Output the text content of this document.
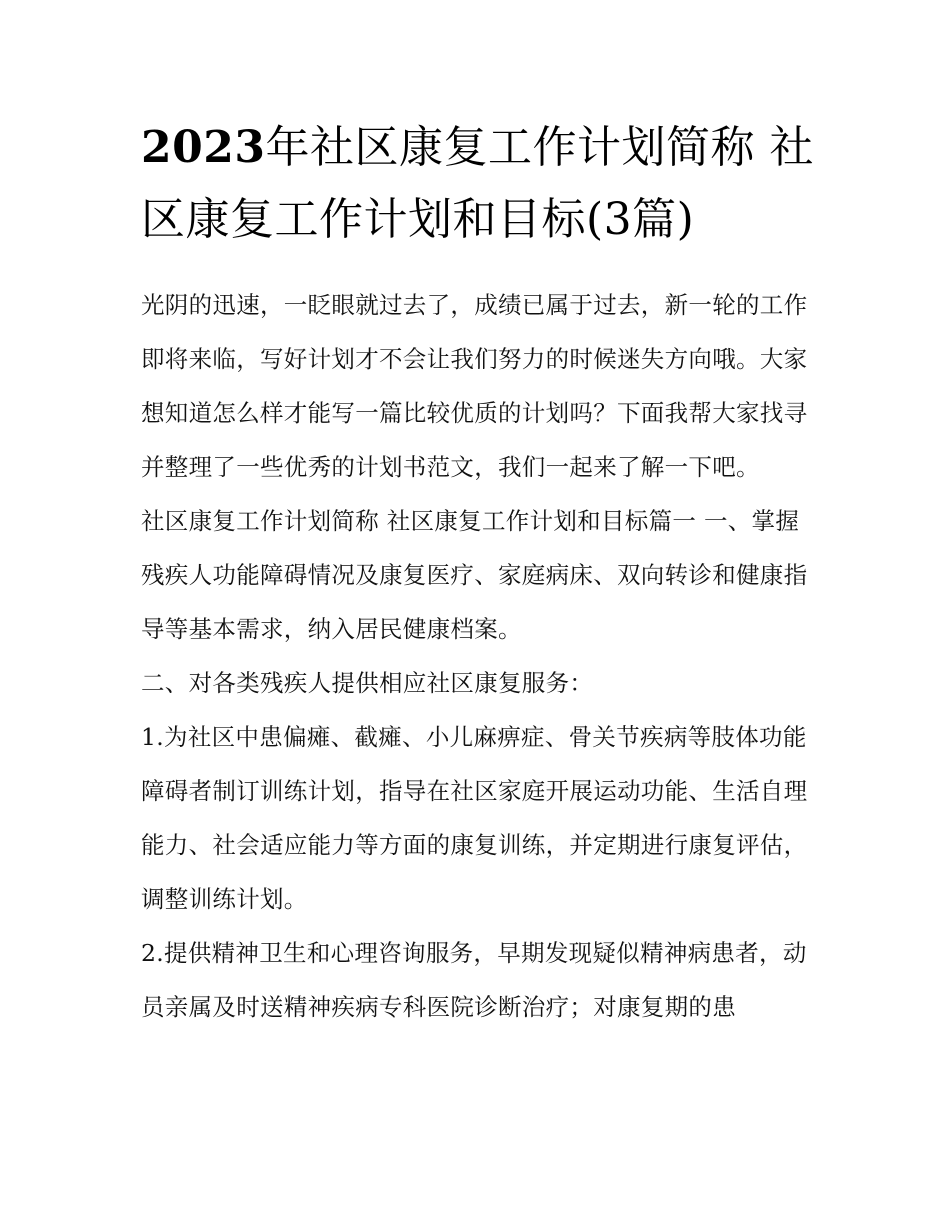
2023年社区康复工作计划简称 社区康复工作计划和目标(3篇)

光阴的迅速，一眨眼就过去了，成绩已属于过去，新一轮的工作即将来临，写好计划才不会让我们努力的时候迷失方向哦。大家想知道怎么样才能写一篇比较优质的计划吗？下面我帮大家找寻并整理了一些优秀的计划书范文，我们一起来了解一下吧。

社区康复工作计划简称 社区康复工作计划和目标篇一 一、掌握残疾人功能障碍情况及康复医疗、家庭病床、双向转诊和健康指导等基本需求，纳入居民健康档案。

二、对各类残疾人提供相应社区康复服务：

1.为社区中患偏瘫、截瘫、小儿麻痹症、骨关节疾病等肢体功能障碍者制订训练计划，指导在社区家庭开展运动功能、生活自理能力、社会适应能力等方面的康复训练，并定期进行康复评估，调整训练计划。

2.提供精神卫生和心理咨询服务，早期发现疑似精神病患者，动员亲属及时送精神疾病专科医院诊断治疗；对康复期的患
